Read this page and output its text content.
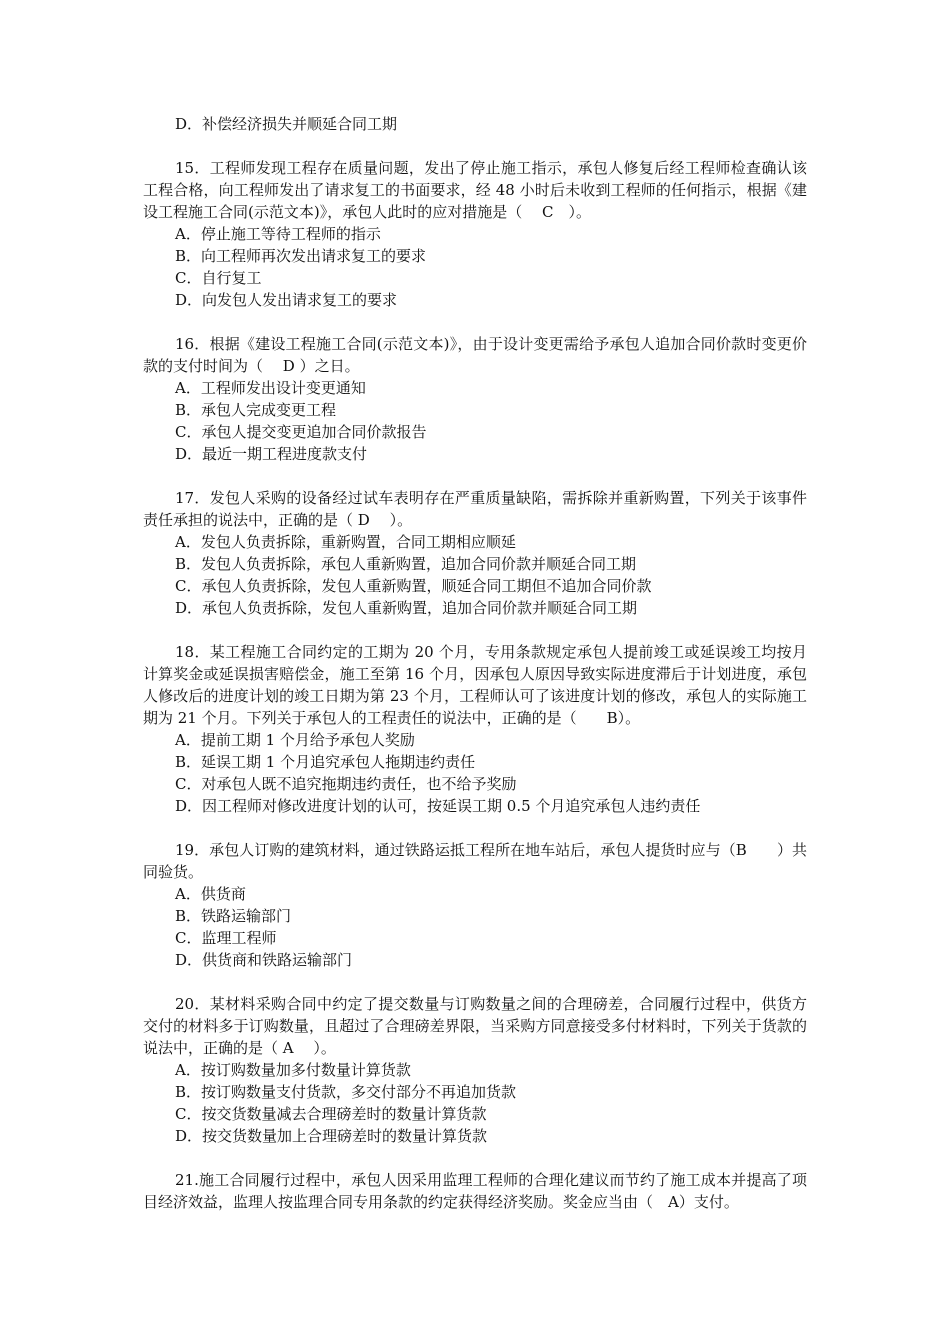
D．补偿经济损失并顺延合同工期

15．工程师发现工程存在质量问题，发出了停止施工指示，承包人修复后经工程师检查确认该工程合格，向工程师发出了请求复工的书面要求，经 48 小时后未收到工程师的任何指示，根据《建设工程施工合同(示范文本)》，承包人此时的应对措施是（　 C　）。

A．停止施工等待工程师的指示
B．向工程师再次发出请求复工的要求
C．自行复工
D．向发包人发出请求复工的要求

16．根据《建设工程施工合同(示范文本)》，由于设计变更需给予承包人追加合同价款时变更价款的支付时间为（　 D ）之日。

A．工程师发出设计变更通知
B．承包人完成变更工程
C．承包人提交变更追加合同价款报告
D．最近一期工程进度款支付

17．发包人采购的设备经过试车表明存在严重质量缺陷，需拆除并重新购置，下列关于该事件责任承担的说法中，正确的是（ D　 ）。

A．发包人负责拆除，重新购置，合同工期相应顺延
B．发包人负责拆除，承包人重新购置，追加合同价款并顺延合同工期
C．承包人负责拆除，发包人重新购置，顺延合同工期但不追加合同价款
D．承包人负责拆除，发包人重新购置，追加合同价款并顺延合同工期

18．某工程施工合同约定的工期为 20 个月，专用条款规定承包人提前竣工或延误竣工均按月计算奖金或延误损害赔偿金，施工至第 16 个月，因承包人原因导致实际进度滞后于计划进度，承包人修改后的进度计划的竣工日期为第 23 个月，工程师认可了该进度计划的修改，承包人的实际施工期为 21 个月。下列关于承包人的工程责任的说法中，正确的是（　　B）。

A．提前工期 1 个月给予承包人奖励
B．延误工期 1 个月追究承包人拖期违约责任
C．对承包人既不追究拖期违约责任，也不给予奖励
D．因工程师对修改进度计划的认可，按延误工期 0.5 个月追究承包人违约责任

19．承包人订购的建筑材料，通过铁路运抵工程所在地车站后，承包人提货时应与（B　　）共同验货。

A．供货商
B．铁路运输部门
C．监理工程师
D．供货商和铁路运输部门

20．某材料采购合同中约定了提交数量与订购数量之间的合理磅差，合同履行过程中，供货方交付的材料多于订购数量，且超过了合理磅差界限，当采购方同意接受多付材料时，下列关于货款的说法中，正确的是（ A　 ）。

A．按订购数量加多付数量计算货款
B．按订购数量支付货款，多交付部分不再追加货款
C．按交货数量减去合理磅差时的数量计算货款
D．按交货数量加上合理磅差时的数量计算货款

21.施工合同履行过程中，承包人因采用监理工程师的合理化建议而节约了施工成本并提高了项目经济效益，监理人按监理合同专用条款的约定获得经济奖励。奖金应当由（　A）支付。
